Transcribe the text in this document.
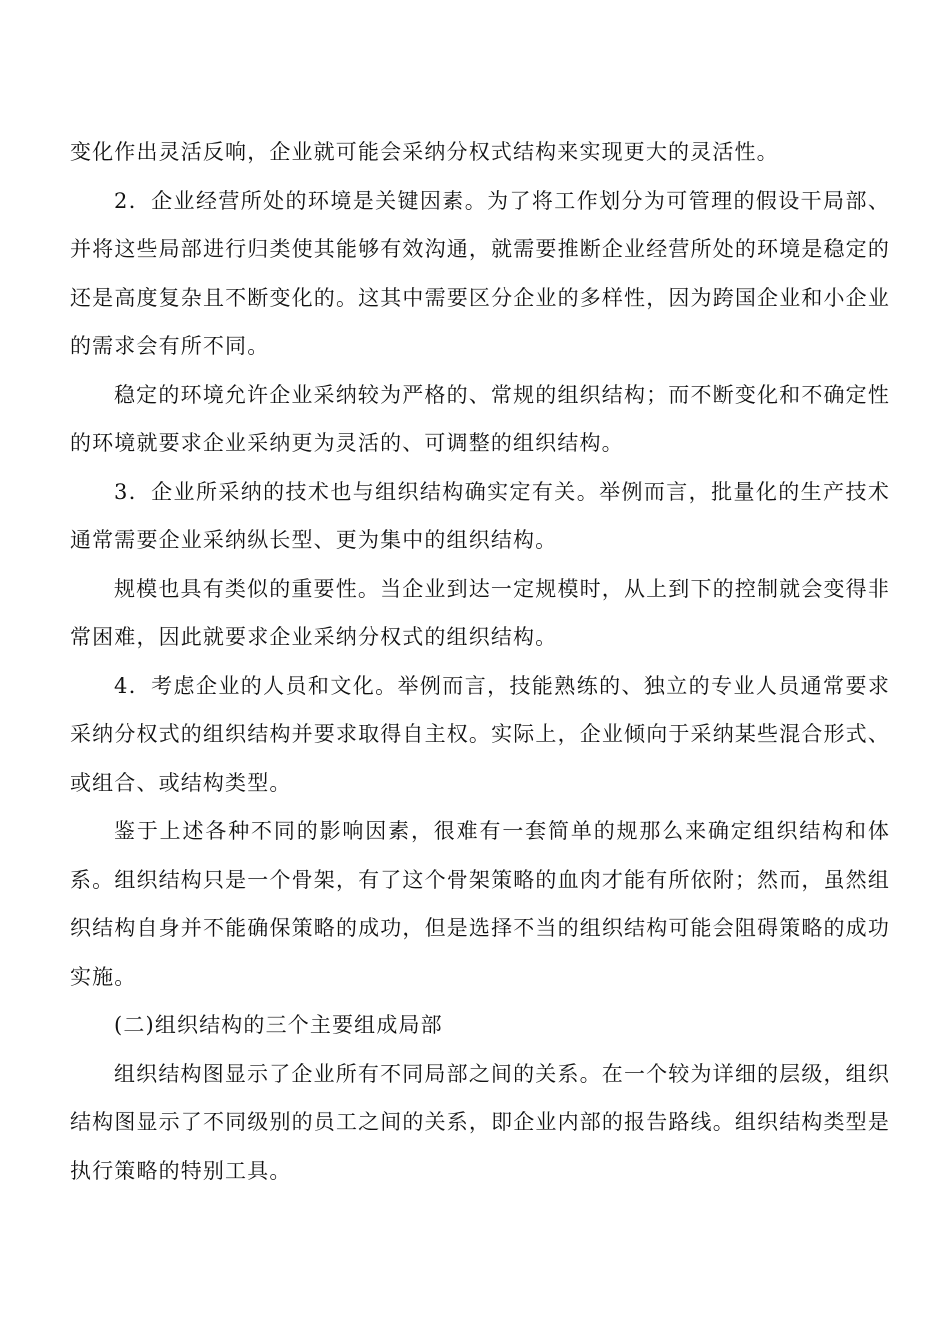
变化作出灵活反响，企业就可能会采纳分权式结构来实现更大的灵活性。

2．企业经营所处的环境是关键因素。为了将工作划分为可管理的假设干局部、并将这些局部进行归类使其能够有效沟通，就需要推断企业经营所处的环境是稳定的还是高度复杂且不断变化的。这其中需要区分企业的多样性，因为跨国企业和小企业的需求会有所不同。

稳定的环境允许企业采纳较为严格的、常规的组织结构；而不断变化和不确定性的环境就要求企业采纳更为灵活的、可调整的组织结构。

3．企业所采纳的技术也与组织结构确实定有关。举例而言，批量化的生产技术通常需要企业采纳纵长型、更为集中的组织结构。

规模也具有类似的重要性。当企业到达一定规模时，从上到下的控制就会变得非常困难，因此就要求企业采纳分权式的组织结构。

4．考虑企业的人员和文化。举例而言，技能熟练的、独立的专业人员通常要求采纳分权式的组织结构并要求取得自主权。实际上，企业倾向于采纳某些混合形式、或组合、或结构类型。

鉴于上述各种不同的影响因素，很难有一套简单的规那么来确定组织结构和体系。组织结构只是一个骨架，有了这个骨架策略的血肉才能有所依附；然而，虽然组织结构自身并不能确保策略的成功，但是选择不当的组织结构可能会阻碍策略的成功实施。

(二)组织结构的三个主要组成局部

组织结构图显示了企业所有不同局部之间的关系。在一个较为详细的层级，组织结构图显示了不同级别的员工之间的关系，即企业内部的报告路线。组织结构类型是执行策略的特别工具。
